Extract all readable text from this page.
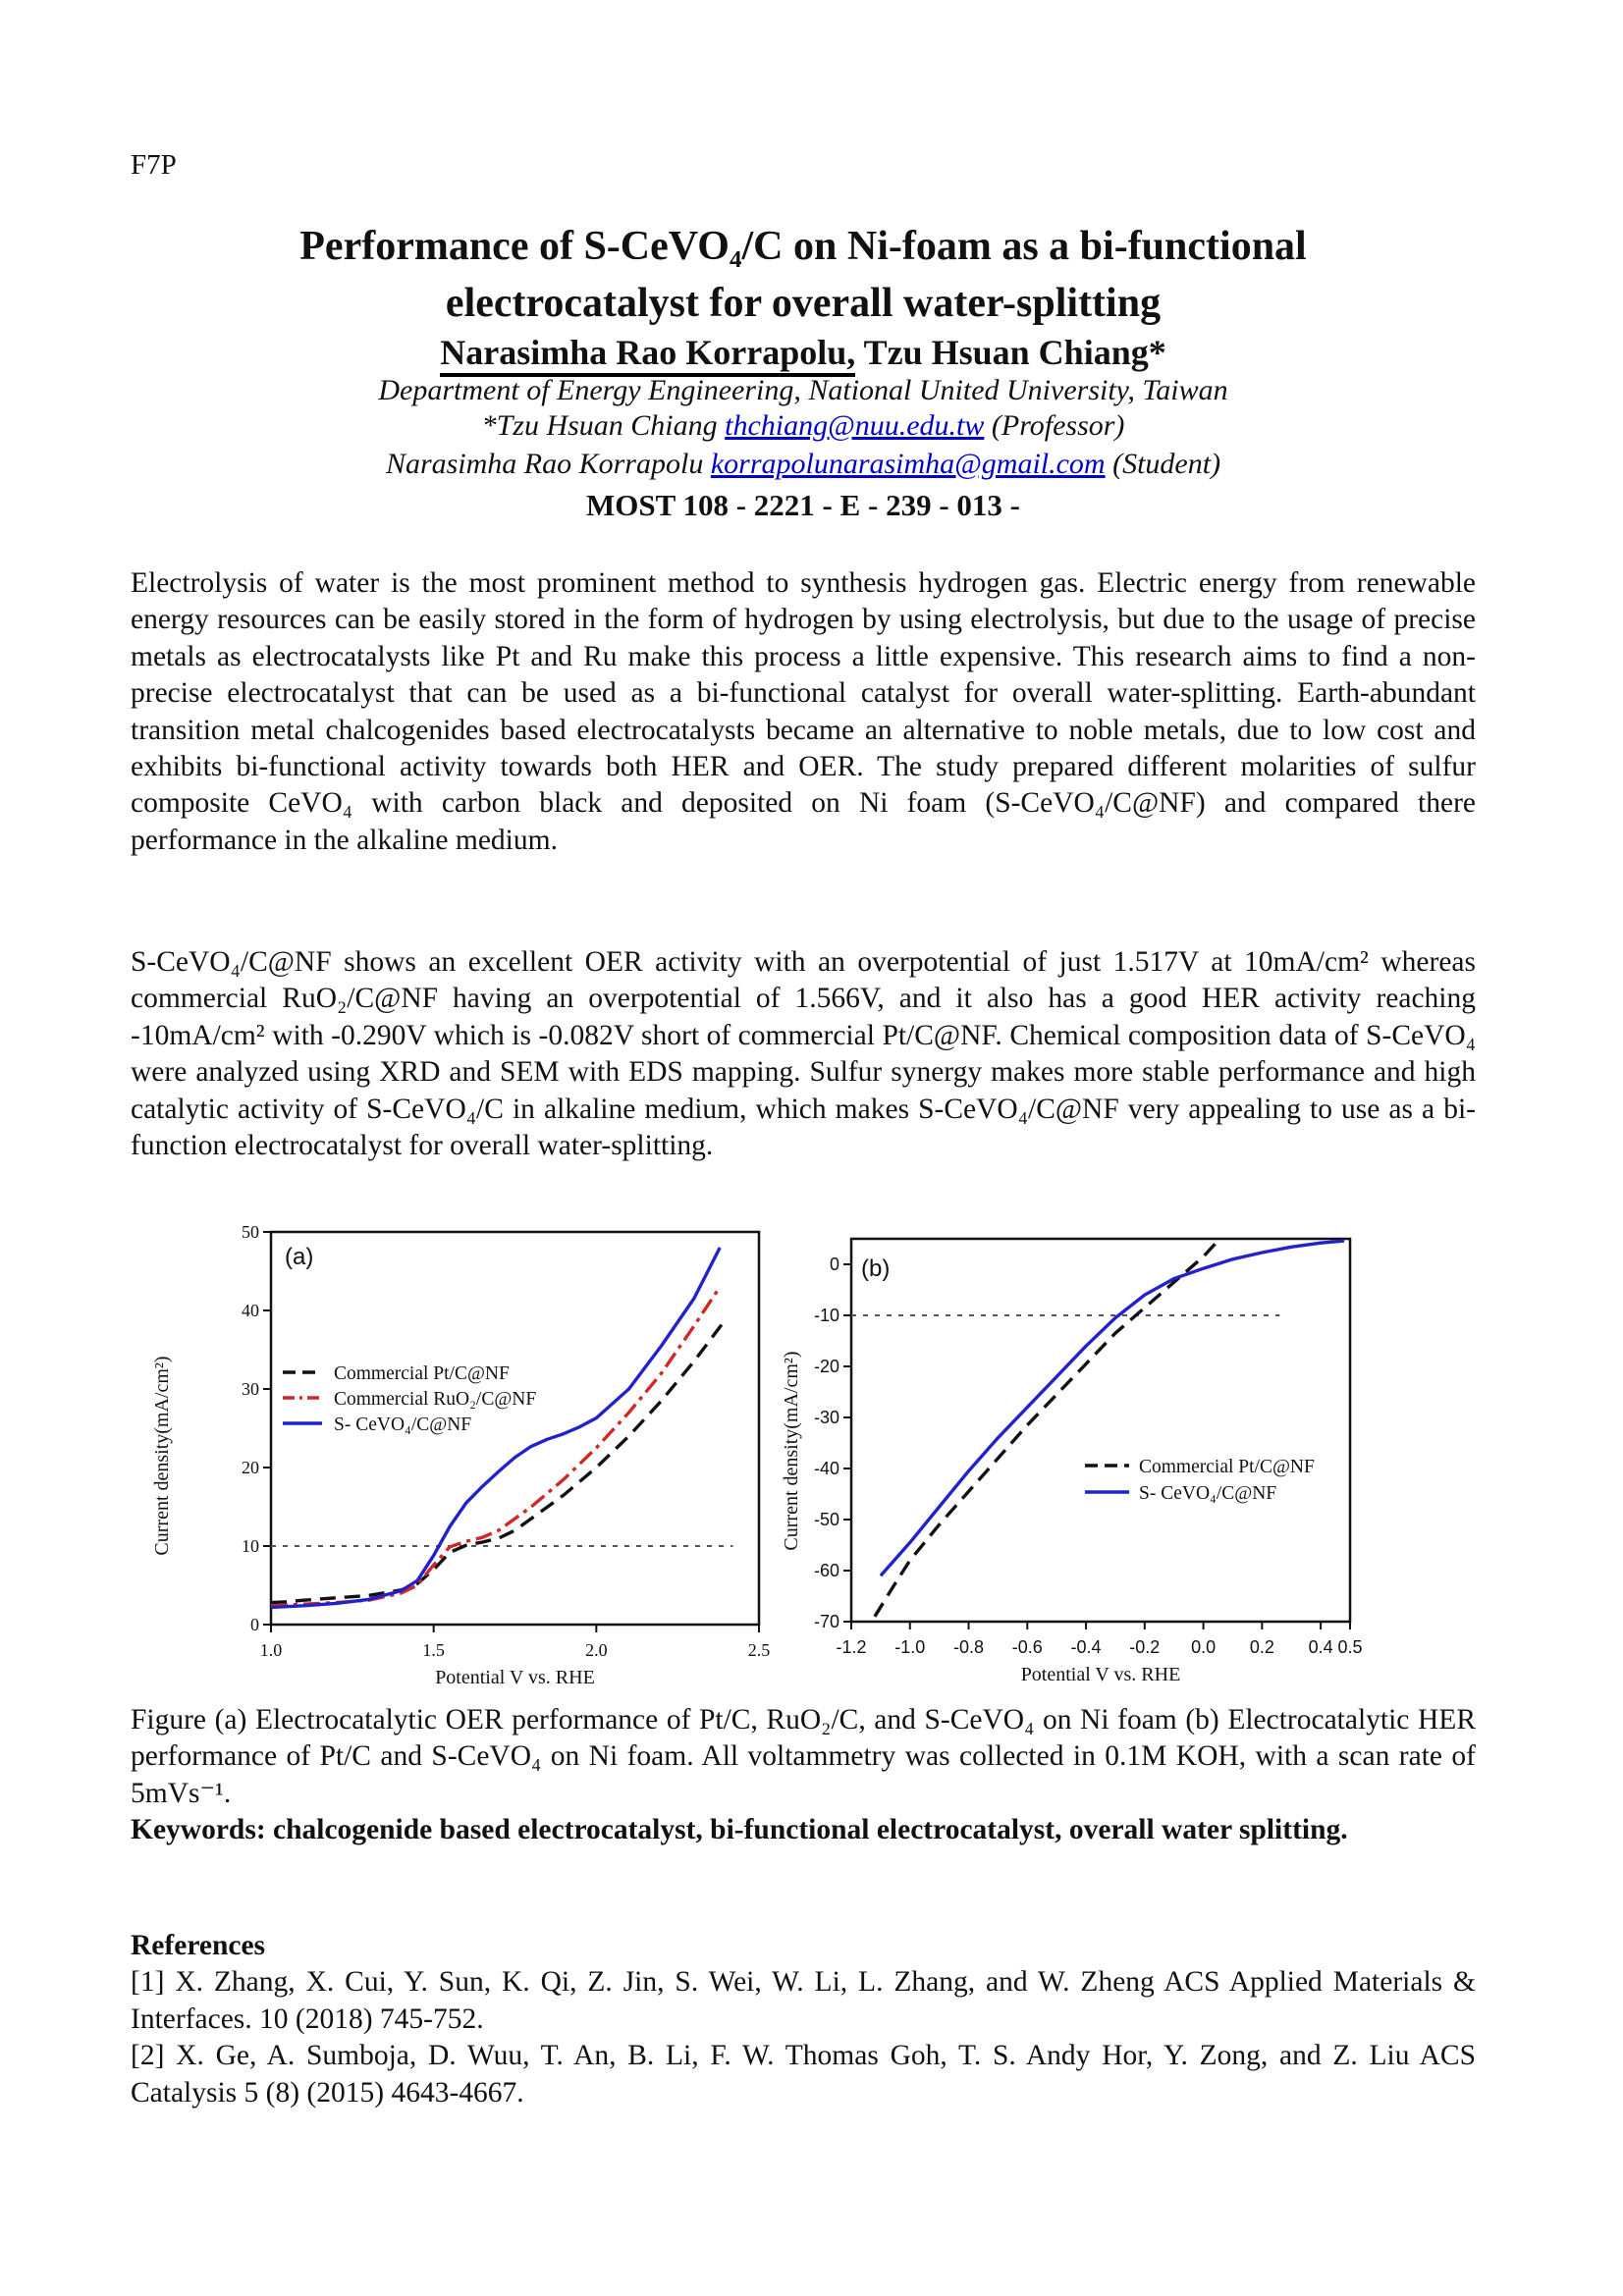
F7P
Performance of S-CeVO₄/C on Ni-foam as a bi-functional
electrocatalyst for overall water-splitting
Narasimha Rao Korrapolu, Tzu Hsuan Chiang*
Department of Energy Engineering, National United University, Taiwan
*Tzu Hsuan Chiang thchiang@nuu.edu.tw (Professor)
Narasimha Rao Korrapolu korrapolunarasimha@gmail.com (Student)
MOST 108 - 2221 - E - 239 - 013 -
Electrolysis of water is the most prominent method to synthesis hydrogen gas. Electric energy from renewable energy resources can be easily stored in the form of hydrogen by using electrolysis, but due to the usage of precise metals as electrocatalysts like Pt and Ru make this process a little expensive. This research aims to find a non- precise electrocatalyst that can be used as a bi-functional catalyst for overall water-splitting. Earth-abundant transition metal chalcogenides based electrocatalysts became an alternative to noble metals, due to low cost and exhibits bi-functional activity towards both HER and OER. The study prepared different molarities of sulfur composite CeVO₄ with carbon black and deposited on Ni foam (S-CeVO₄/C@NF) and compared there performance in the alkaline medium.
S-CeVO₄/C@NF shows an excellent OER activity with an overpotential of just 1.517V at 10mA/cm² whereas commercial RuO₂/C@NF having an overpotential of 1.566V, and it also has a good HER activity reaching -10mA/cm² with -0.290V which is -0.082V short of commercial Pt/C@NF. Chemical composition data of S-CeVO₄ were analyzed using XRD and SEM with EDS mapping. Sulfur synergy makes more stable performance and high catalytic activity of S-CeVO₄/C in alkaline medium, which makes S-CeVO₄/C@NF very appealing to use as a bi-function electrocatalyst for overall water-splitting.
1.0	1.5	2.0	2.5
0
10
20
30
40
50
Potential V vs. RHE
Current density(mA/cm²)
(a)
Commercial Pt/C@NF
Commercial RuO₂/C@NF
S- CeVO₄/C@NF
-1.2 -1.0 -0.8 -0.6 -0.4 -0.2 0.0 0.2 0.4 0.5
0
-10
-20
-30
-40
-50
-60
-70
Potential V vs. RHE
Current density(mA/cm²)
(b)
Commercial Pt/C@NF
S- CeVO₄/C@NF

Figure (a) Electrocatalytic OER performance of Pt/C, RuO₂/C, and S-CeVO₄ on Ni foam (b) Electrocatalytic HER performance of Pt/C and S-CeVO₄ on Ni foam. All voltammetry was collected in 0.1M KOH, with a scan rate of 5mVs⁻¹.

Keywords: chalcogenide based electrocatalyst, bi-functional electrocatalyst, overall water splitting.

References

[1] X. Zhang, X. Cui, Y. Sun, K. Qi, Z. Jin, S. Wei, W. Li, L. Zhang, and W. Zheng ACS Applied Materials & Interfaces. 10 (2018) 745-752.

[2] X. Ge, A. Sumboja, D. Wuu, T. An, B. Li, F. W. Thomas Goh, T. S. Andy Hor, Y. Zong, and Z. Liu ACS Catalysis 5 (8) (2015) 4643-4667.
